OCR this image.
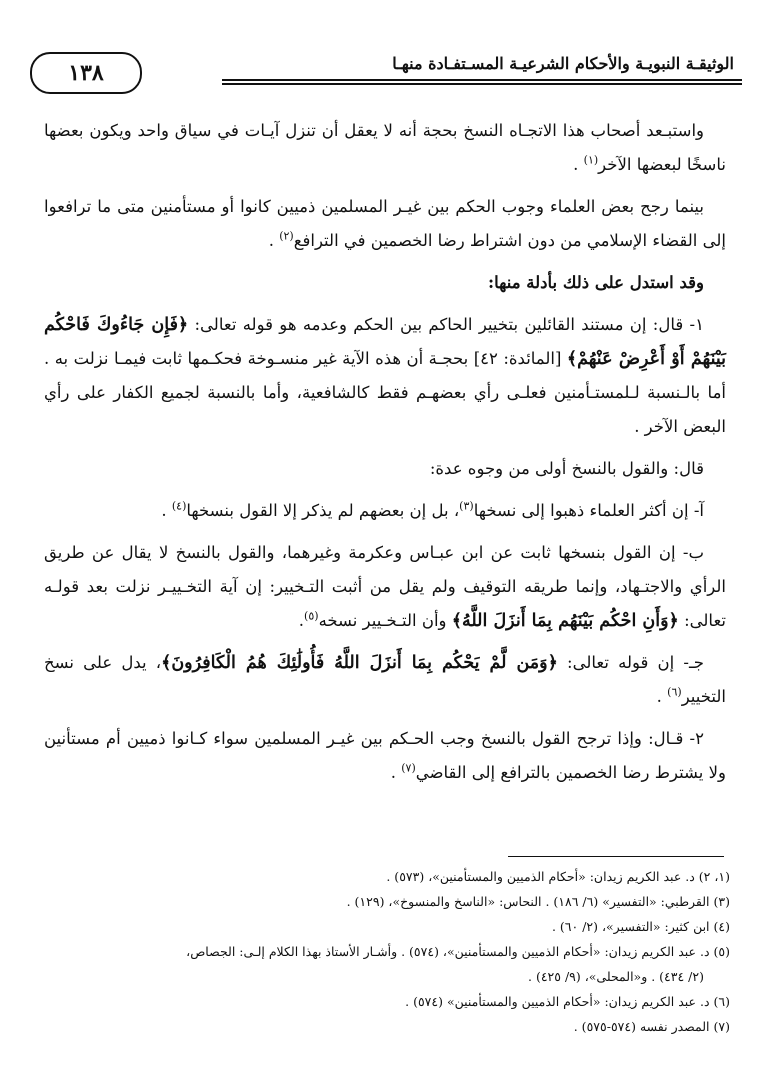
الوثيقـة النبويـة والأحكام الشرعيـة المسـتفـادة منهـا
١٣٨

واستبـعد أصحاب هذا الاتجـاه النسخ بحجة أنه لا يعقل أن تنزل آيـات في سياق واحد ويكون بعضها ناسخًا لبعضها الآخر$^{(١)}$ .

بينما رجح بعض العلماء وجوب الحكم بين غيـر المسلمين ذميين كانوا أو مستأمنين متى ما ترافعوا إلى القضاء الإسلامي من دون اشتراط رضا الخصمين في الترافع$^{(٢)}$ .

وقد استدل على ذلك بأدلة منها:

١- قال: إن مستند القائلين بتخيير الحاكم بين الحكم وعدمه هو قوله تعالى: ﴿فَإِن جَاءُوكَ فَاحْكُم بَيْنَهُمْ أَوْ أَعْرِضْ عَنْهُمْ﴾ [المائدة: ٤٢] بحجـة أن هذه الآية غير منسـوخة فحكـمها ثابت فيمـا نزلت به . أما بالـنسبة لـلمستـأمنين فعلـى رأي بعضهـم فقط كالشافعية، وأما بالنسبة لجميع الكفار على رأي البعض الآخر .

قال: والقول بالنسخ أولى من وجوه عدة:

آ- إن أكثر العلماء ذهبوا إلى نسخها$^{(٣)}$، بل إن بعضهم لم يذكر إلا القول بنسخها$^{(٤)}$ .

ب- إن القول بنسخها ثابت عن ابن عبـاس وعكرمة وغيرهما، والقول بالنسخ لا يقال عن طريق الرأي والاجتـهاد، وإنما طريقه التوقيف ولم يقل من أثبت التـخيير: إن آية التخـييـر نزلت بعد قولـه تعالى: ﴿وَأَنِ احْكُم بَيْنَهُم بِمَا أَنزَلَ اللَّهُ﴾ وأن التـخـيير نسخه$^{(٥)}$.

جـ- إن قوله تعالى: ﴿وَمَن لَّمْ يَحْكُم بِمَا أَنزَلَ اللَّهُ فَأُولَٰئِكَ هُمُ الْكَافِرُونَ﴾، يدل على نسخ التخيير$^{(٦)}$ .

٢- قـال: وإذا ترجح القول بالنسخ وجب الحـكم بين غيـر المسلمين سواء كـانوا ذميين أم مستأنين ولا يشترط رضا الخصمين بالترافع إلى القاضي$^{(٧)}$ .

(١، ٢) د. عبد الكريم زيدان: «أحكام الذميين والمستأمنين»، (٥٧٣) .

(٣) القرطبي: «التفسير» (٦/ ١٨٦) . النحاس: «الناسخ والمنسوخ»، (١٢٩) .

(٤) ابن كثير: «التفسير»، (٢/ ٦٠) .

(٥) د. عبد الكريم زيدان: «أحكام الذميين والمستأمنين»، (٥٧٤) . وأشـار الأستاذ بهذا الكلام إلـى: الجصاص،

(٢/ ٤٣٤) . و«المحلى»، (٩/ ٤٢٥) .

(٦) د. عبد الكريم زيدان: «أحكام الذميين والمستأمنين» (٥٧٤) .

(٧) المصدر نفسه (٥٧٤-٥٧٥) .
